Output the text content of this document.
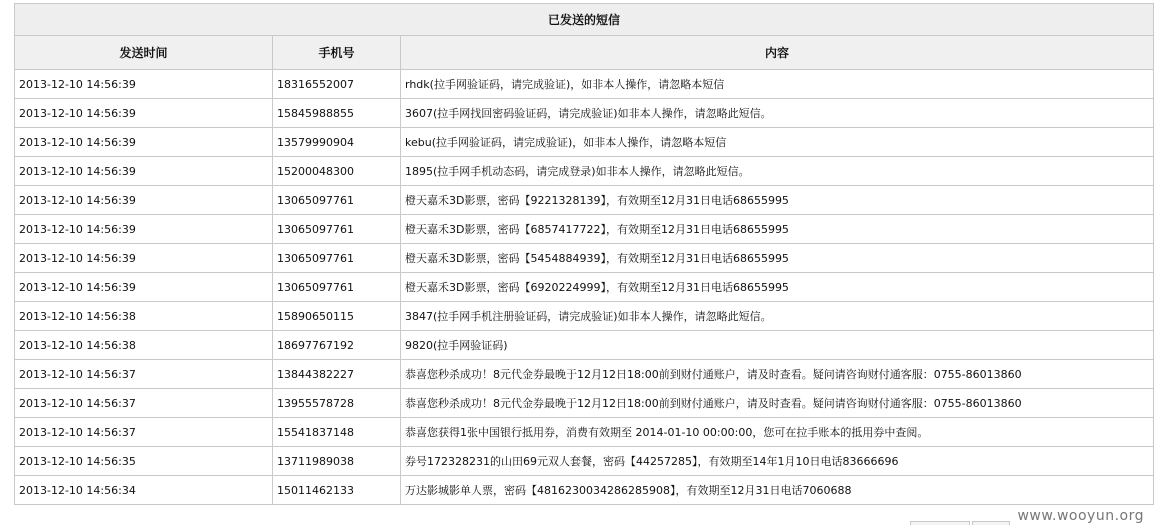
已发送的短信		
发送时间	手机号	内容
2013-12-10 14:56:39	18316552007	rhdk(拉手网验证码，请完成验证)，如非本人操作，请忽略本短信
2013-12-10 14:56:39	15845988855	3607(拉手网找回密码验证码，请完成验证)如非本人操作，请忽略此短信。
2013-12-10 14:56:39	13579990904	kebu(拉手网验证码，请完成验证)，如非本人操作，请忽略本短信
2013-12-10 14:56:39	15200048300	1895(拉手网手机动态码，请完成登录)如非本人操作，请忽略此短信。
2013-12-10 14:56:39	13065097761	橙天嘉禾3D影票，密码【9221328139】，有效期至12月31日电话68655995
2013-12-10 14:56:39	13065097761	橙天嘉禾3D影票，密码【6857417722】，有效期至12月31日电话68655995
2013-12-10 14:56:39	13065097761	橙天嘉禾3D影票，密码【5454884939】，有效期至12月31日电话68655995
2013-12-10 14:56:39	13065097761	橙天嘉禾3D影票，密码【6920224999】，有效期至12月31日电话68655995
2013-12-10 14:56:38	15890650115	3847(拉手网手机注册验证码，请完成验证)如非本人操作，请忽略此短信。
2013-12-10 14:56:38	18697767192	9820(拉手网验证码)
2013-12-10 14:56:37	13844382227	恭喜您秒杀成功！8元代金券最晚于12月12日18:00前到财付通账户，请及时查看。疑问请咨询财付通客服：0755-86013860
2013-12-10 14:56:37	13955578728	恭喜您秒杀成功！8元代金券最晚于12月12日18:00前到财付通账户，请及时查看。疑问请咨询财付通客服：0755-86013860
2013-12-10 14:56:37	15541837148	恭喜您获得1张中国银行抵用券，消费有效期至 2014-01-10 00:00:00，您可在拉手账本的抵用券中查阅。
2013-12-10 14:56:35	13711989038	券号172328231的山田69元双人套餐，密码【44257285】，有效期至14年1月10日电话83666696
2013-12-10 14:56:34	15011462133	万达影城影单人票，密码【4816230034286285908】，有效期至12月31日电话7060688
www.wooyun.org
